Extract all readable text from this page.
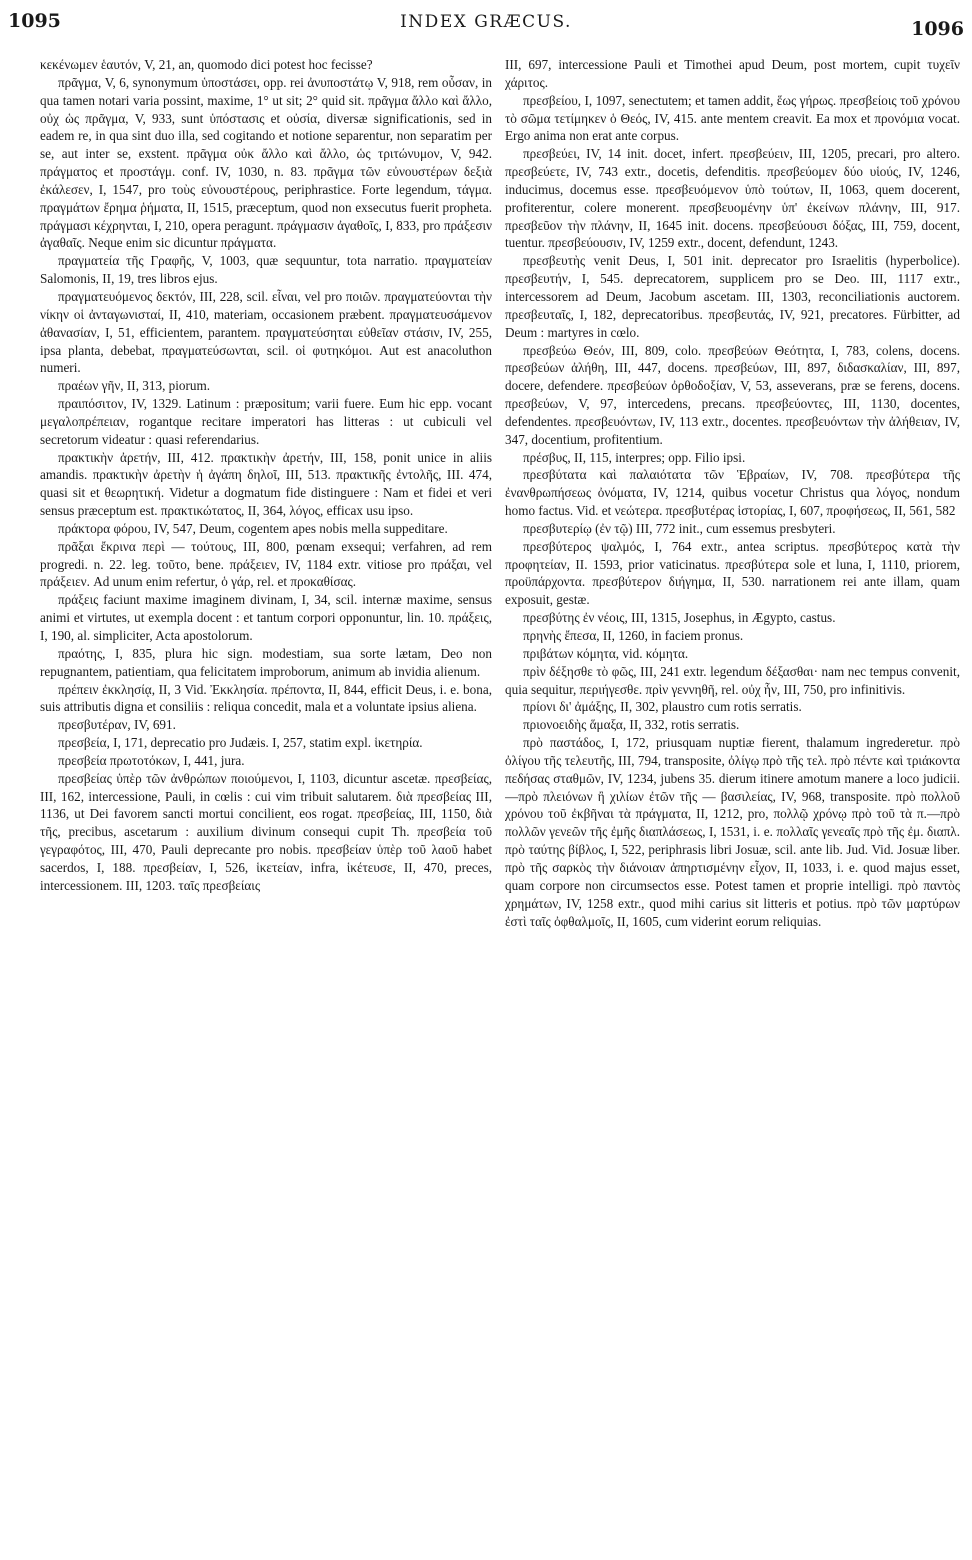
1095	INDEX GRÆCUS.	1096

κεκένωμεν ἑαυτόν, V, 21, an, quomodo dici potest hoc fecisse?

πρᾶγμα, V, 6, synonymum ὑποστάσει, opp. rei ἀνυποστάτῳ V, 918, rem οὖσαν, in qua tamen notari varia possint, maxime, 1° ut sit; 2° quid sit. πρᾶγμα ἄλλο καὶ ἄλλο, οὐχ ὡς πρᾶγμα, V, 933, sunt ὑπόστασις et οὐσία, diversæ significationis, sed in eadem re, in qua sint duo illa, sed cogitando et notione separentur, non separatim per se, aut inter se, exstent. πρᾶγμα οὐκ ἄλλο καὶ ἄλλο, ὡς τριτώνυμον, V, 942. πράγματος et προστάγμ. conf. IV, 1030, n. 83. πρᾶγμα τῶν εὐνουστέρων δεξιὰ ἐκάλεσεν, I, 1547, pro τοὺς εὐνουστέρους, periphrastice. Forte legendum, τάγμα. πραγμάτων ἔρημα ῥήματα, II, 1515, præceptum, quod non exsecutus fuerit propheta. πράγμασι κέχρηνται, I, 210, opera peragunt. πράγμασιν ἀγαθοῖς, I, 833, pro πράξεσιν ἀγαθαῖς. Neque enim sic dicuntur πράγματα.

πραγματεία τῆς Γραφῆς, V, 1003, quæ sequuntur, tota narratio. πραγματείαν Salomonis, II, 19, tres libros ejus.

πραγματευόμενος δεκτόν, III, 228, scil. εἶναι, vel pro ποιῶν. πραγματεύονται τὴν νίκην οἱ ἀνταγωνισταί, II, 410, materiam, occasionem præbent. πραγματευσάμενον ἀθανασίαν, I, 51, efficientem, parantem. πραγματεύσηται εὐθεῖαν στάσιν, IV, 255, ipsa planta, debebat, πραγματεύσωνται, scil. οἱ φυτηκόμοι. Aut est anacoluthon numeri.

πραέων γῆν, II, 313, piorum.

πραιπόσιτον, IV, 1329. Latinum : præpositum; varii fuere. Eum hic epp. vocant μεγαλοπρέπειαν, rogantque recitare imperatori has litteras : ut cubiculi vel secretorum videatur : quasi referendarius.

πρακτικὴν ἀρετήν, III, 412. πρακτικὴν ἀρετήν, III, 158, ponit unice in aliis amandis. πρακτικὴν ἀρετὴν ἡ ἀγάπη δηλοῖ, III, 513. πρακτικῆς ἐντολῆς, III. 474, quasi sit et θεωρητική. Videtur a dogmatum fide distinguere : Nam et fidei et veri sensus præceptum est. πρακτικώτατος, II, 364, λόγος, efficax usu ipso.

πράκτορα φόρου, IV, 547, Deum, cogentem apes nobis mella suppeditare.

πρᾶξαι ἔκρινα περὶ — τούτους, III, 800, pœnam exsequi; verfahren, ad rem progredi. n. 22. leg. τοῦτο, bene. πράξειεν, IV, 1184 extr. vitiose pro πράξαι, vel πράξειεν. Ad unum enim refertur, ὁ γάρ, rel. et προκαθίσας.

πράξεις faciunt maxime imaginem divinam, I, 34, scil. internæ maxime, sensus animi et virtutes, ut exempla docent : et tantum corpori opponuntur, lin. 10. πράξεις, I, 190, al. simpliciter, Acta apostolorum.

πραότης, I, 835, plura hic sign. modestiam, sua sorte lætam, Deo non repugnantem, patientiam, qua felicitatem improborum, animum ab invidia alienum.

πρέπειν ἐκκλησίᾳ, II, 3 Vid. Ἐκκλησία. πρέποντα, II, 844, efficit Deus, i. e. bona, suis attributis digna et consiliis : reliqua concedit, mala et a voluntate ipsius aliena.

πρεσβυτέραν, IV, 691.

πρεσβεία, I, 171, deprecatio pro Judæis. I, 257, statim expl. ἱκετηρία.

πρεσβεία πρωτοτόκων, I, 441, jura.

πρεσβείας ὑπὲρ τῶν ἀνθρώπων ποιούμενοι, I, 1103, dicuntur ascetæ. πρεσβείας, III, 162, intercessione, Pauli, in cœlis : cui vim tribuit salutarem. διὰ πρεσβείας III, 1136, ut Dei favorem sancti mortui concilient, eos rogat. πρεσβείας, III, 1150, διὰ τῆς, precibus, ascetarum : auxilium divinum consequi cupit Th. πρεσβεία τοῦ γεγραφότος, III, 470, Pauli deprecante pro nobis. πρεσβείαν ὑπὲρ τοῦ λαοῦ habet sacerdos, I, 188. πρεσβείαν, I, 526, ἱκετείαν, infra, ἱκέτευσε, II, 470, preces, intercessionem. III, 1203. ταῖς πρεσβείαις

III, 697, intercessione Pauli et Timothei apud Deum, post mortem, cupit τυχεῖν χάριτος.

πρεσβείου, I, 1097, senectutem; et tamen addit, ἕως γήρως. πρεσβείοις τοῦ χρόνου τὸ σῶμα τετίμηκεν ὁ Θεός, IV, 415. ante mentem creavit. Ea mox et προνόμια vocat. Ergo anima non erat ante corpus.

πρεσβεύει, IV, 14 init. docet, infert. πρεσβεύειν, III, 1205, precari, pro altero. πρεσβεύετε, IV, 743 extr., docetis, defenditis. πρεσβεύομεν δύο υἱούς, IV, 1246, inducimus, docemus esse. πρεσβευόμενον ὑπὸ τούτων, II, 1063, quem docerent, profiterentur, colere monerent. πρεσβευομένην ὑπ' ἐκείνων πλάνην, III, 917. πρεσβεῦον τὴν πλάνην, II, 1645 init. docens. πρεσβεύουσι δόξας, III, 759, docent, tuentur. πρεσβεύουσιν, IV, 1259 extr., docent, defendunt, 1243.

πρεσβευτὴς venit Deus, I, 501 init. deprecator pro Israelitis (hyperbolice). πρεσβευτήν, I, 545. deprecatorem, supplicem pro se Deo. III, 1117 extr., intercessorem ad Deum, Jacobum ascetam. III, 1303, reconciliationis auctorem. πρεσβευταῖς, I, 182, deprecatoribus. πρεσβευτάς, IV, 921, precatores. Fürbitter, ad Deum : martyres in cœlo.

πρεσβεύω Θεόν, III, 809, colo. πρεσβεύων Θεότητα, I, 783, colens, docens. πρεσβεύων ἀλήθη, III, 447, docens. πρεσβεύων, III, 897, διδασκαλίαν, III, 897, docere, defendere. πρεσβεύων ὀρθοδοξίαν, V, 53, asseverans, præ se ferens, docens. πρεσβεύων, V, 97, intercedens, precans. πρεσβεύοντες, III, 1130, docentes, defendentes. πρεσβευόντων, IV, 113 extr., docentes. πρεσβευόντων τὴν ἀλήθειαν, IV, 347, docentium, profitentium.

πρέσβυς, II, 115, interpres; opp. Filio ipsi.

πρεσβύτατα καὶ παλαιότατα τῶν Ἑβραίων, IV, 708. πρεσβύτερα τῆς ἐνανθρωπήσεως ὀνόματα, IV, 1214, quibus vocetur Christus qua λόγος, nondum homo factus. Vid. et νεώτερα. πρεσβυτέρας ἱστορίας, I, 607, προφήσεως, II, 561, 582

πρεσβυτερίῳ (ἐν τῷ) III, 772 init., cum essemus presbyteri.

πρεσβύτερος ψαλμός, I, 764 extr., antea scriptus. πρεσβύτερος κατὰ τὴν προφητείαν, II. 1593, prior vaticinatus. πρεσβύτερα sole et luna, I, 1110, priorem, προϋπάρχοντα. πρεσβύτερον διήγημα, II, 530. narrationem rei ante illam, quam exposuit, gestæ.

πρεσβύτης ἐν νέοις, III, 1315, Josephus, in Ægypto, castus.

πρηνὴς ἔπεσα, II, 1260, in faciem pronus.

πριβάτων κόμητα, vid. κόμητα.

πρὶν δέξησθε τὸ φῶς, III, 241 extr. legendum δέξασθαι· nam nec tempus convenit, quia sequitur, περιήγεσθε. πρὶν γεννηθῆ, rel. οὐχ ἦν, III, 750, pro infinitivis.

πρίονι δι' ἀμάξης, II, 302, plaustro cum rotis serratis.

πριονοειδὴς ἅμαξα, II, 332, rotis serratis.

πρὸ παστάδος, I, 172, priusquam nuptiæ fierent, thalamum ingrederetur. πρὸ ὀλίγου τῆς τελευτῆς, III, 794, transposite, ὀλίγῳ πρὸ τῆς τελ. πρὸ πέντε καὶ τριάκοντα πεδήσας σταθμῶν, IV, 1234, jubens 35. dierum itinere amotum manere a loco judicii. —πρὸ πλειόνων ἢ χιλίων ἐτῶν τῆς — βασιλείας, IV, 968, transposite. πρὸ πολλοῦ χρόνου τοῦ ἐκβῆναι τὰ πράγματα, II, 1212, pro, πολλῷ χρόνῳ πρὸ τοῦ τὰ π.—πρὸ πολλῶν γενεῶν τῆς ἐμῆς διαπλάσεως, I, 1531, i. e. πολλαῖς γενεαῖς πρὸ τῆς ἐμ. διαπλ. πρὸ ταύτης βίβλος, I, 522, periphrasis libri Josuæ, scil. ante lib. Jud. Vid. Josuæ liber. πρὸ τῆς σαρκὸς τὴν διάνοιαν ἀπηρτισμένην εἶχον, II, 1033, i. e. quod majus esset, quam corpore non circumsectos esse. Potest tamen et proprie intelligi. πρὸ παντὸς χρημάτων, IV, 1258 extr., quod mihi carius sit litteris et potius. πρὸ τῶν μαρτύρων ἐστὶ ταῖς ὀφθαλμοῖς, II, 1605, cum viderint eorum reliquias.
